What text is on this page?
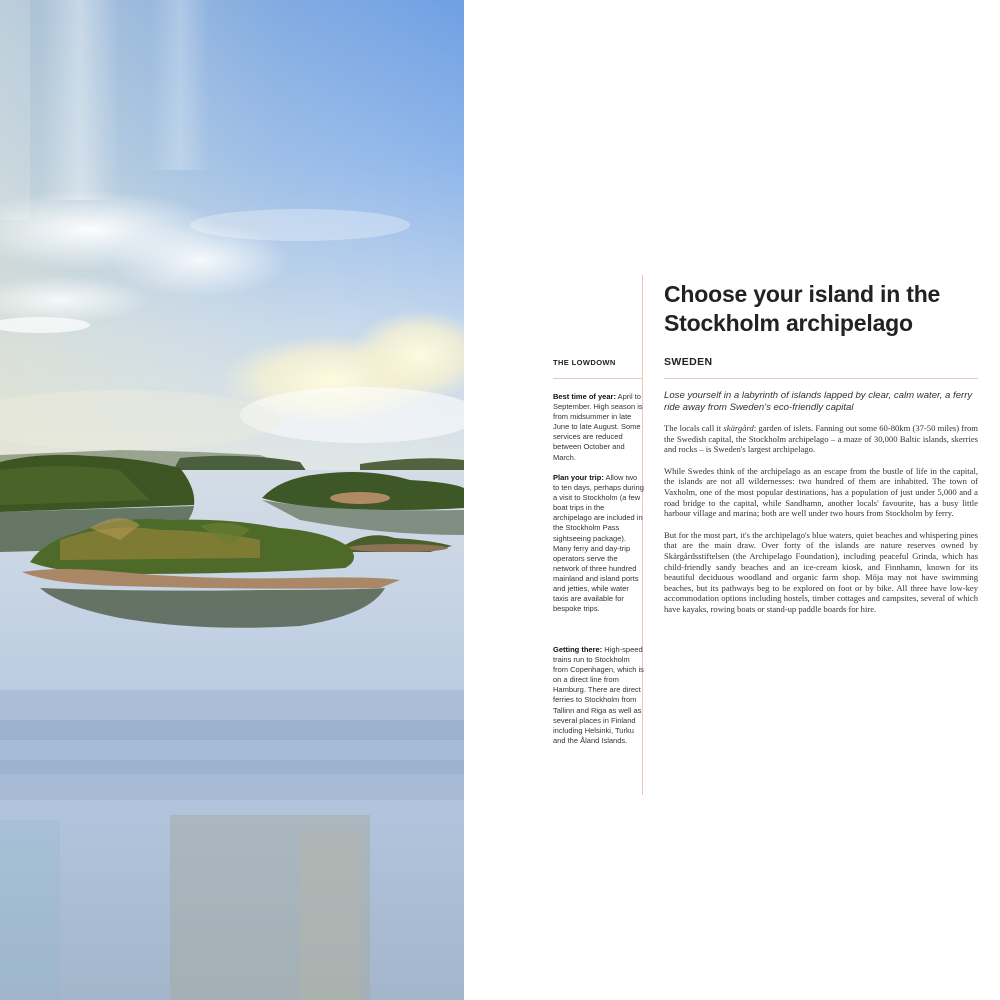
THE LOWDOWN
Best time of year: April to September. High season is from midsummer in late June to late August. Some services are reduced between October and March.
Plan your trip: Allow two to ten days, perhaps during a visit to Stockholm (a few boat trips in the archipelago are included in the Stockholm Pass sightseeing package). Many ferry and day-trip operators serve the network of three hundred mainland and island ports and jetties, while water taxis are available for bespoke trips.
Getting there: High-speed trains run to Stockholm from Copenhagen, which is on a direct line from Hamburg. There are direct ferries to Stockholm from Tallinn and Riga as well as several places in Finland including Helsinki, Turku and the Åland Islands.
Choose your island in the Stockholm archipelago
SWEDEN

Lose yourself in a labyrinth of islands lapped by clear, calm water, a ferry ride away from Sweden's eco-friendly capital

The locals call it skärgård: garden of islets. Fanning out some 60-80km (37-50 miles) from the Swedish capital, the Stockholm archipelago – a maze of 30,000 Baltic islands, skerries and rocks – is Sweden's largest archipelago.

While Swedes think of the archipelago as an escape from the bustle of life in the capital, the islands are not all wildernesses: two hundred of them are inhabited. The town of Vaxholm, one of the most popular destinations, has a population of just under 5,000 and a road bridge to the capital, while Sandhamn, another locals' favourite, has a busy little harbour village and marina; both are well under two hours from Stockholm by ferry.

But for the most part, it's the archipelago's blue waters, quiet beaches and whispering pines that are the main draw. Over forty of the islands are nature reserves owned by Skärgårdsstiftelsen (the Archipelago Foundation), including peaceful Grinda, which has child-friendly sandy beaches and an ice-cream kiosk, and Finnhamn, known for its beautiful deciduous woodland and organic farm shop. Möja may not have swimming beaches, but its pathways beg to be explored on foot or by bike. All three have low-key accommodation options including hostels, timber cottages and campsites, several of which have kayaks, rowing boats or stand-up paddle boards for hire.
